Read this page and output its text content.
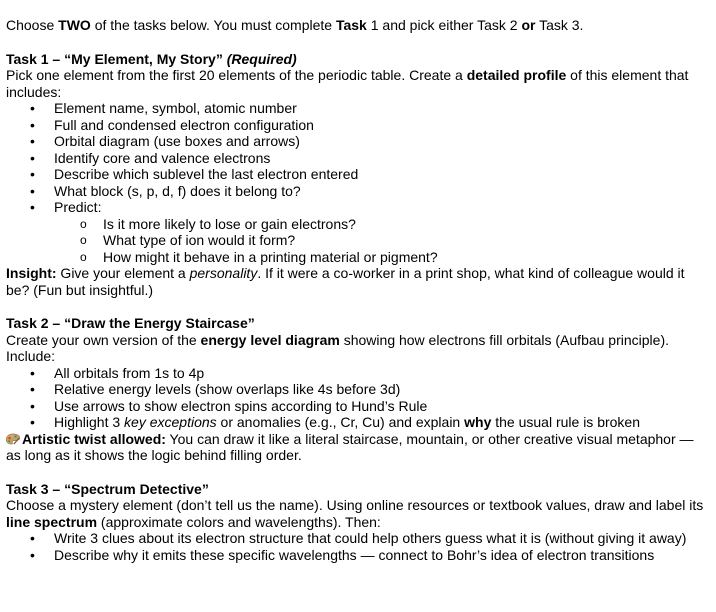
Choose TWO of the tasks below. You must complete Task 1 and pick either Task 2 or Task 3.

Task 1 – “My Element, My Story” (Required)

Pick one element from the first 20 elements of the periodic table. Create a detailed profile of this element that includes:

• Element name, symbol, atomic number
• Full and condensed electron configuration
• Orbital diagram (use boxes and arrows)
• Identify core and valence electrons
• Describe which sublevel the last electron entered
• What block (s, p, d, f) does it belong to?
• Predict:
o Is it more likely to lose or gain electrons?
o What type of ion would it form?
o How might it behave in a printing material or pigment?

Insight: Give your element a personality. If it were a co-worker in a print shop, what kind of colleague would it be? (Fun but insightful.)

Task 2 – “Draw the Energy Staircase”

Create your own version of the energy level diagram showing how electrons fill orbitals (Aufbau principle). Include:

• All orbitals from 1s to 4p
• Relative energy levels (show overlaps like 4s before 3d)
• Use arrows to show electron spins according to Hund’s Rule
• Highlight 3 key exceptions or anomalies (e.g., Cr, Cu) and explain why the usual rule is broken

Artistic twist allowed: You can draw it like a literal staircase, mountain, or other creative visual metaphor — as long as it shows the logic behind filling order.

Task 3 – “Spectrum Detective”

Choose a mystery element (don’t tell us the name). Using online resources or textbook values, draw and label its line spectrum (approximate colors and wavelengths). Then:

• Write 3 clues about its electron structure that could help others guess what it is (without giving it away)
• Describe why it emits these specific wavelengths — connect to Bohr’s idea of electron transitions
